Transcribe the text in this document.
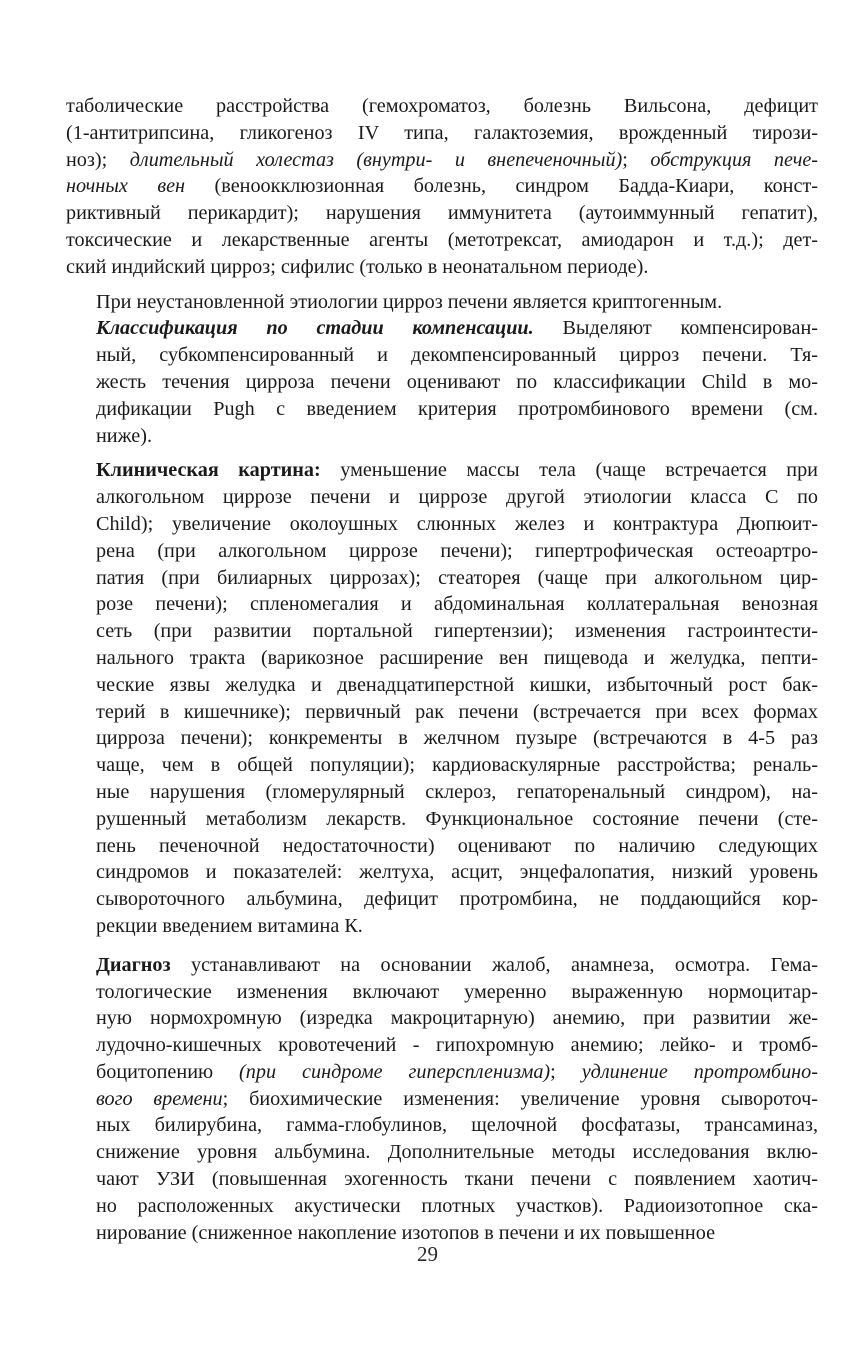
таболические расстройства (гемохроматоз, болезнь Вильсона, дефицит
(1-антитрипсина, гликогеноз IV типа, галактоземия, врожденный тирози-
ноз); длительный холестаз (внутри- и внепеченочный); обструкция пече-
ночных вен (веноокклюзионная болезнь, синдром Бадда-Киари, конст-
риктивный перикардит); нарушения иммунитета (аутоиммунный гепатит),
токсические и лекарственные агенты (метотрексат, амиодарон и т.д.); дет-
ский индийский цирроз; сифилис (только в неонатальном периоде).

При неустановленной этиологии цирроз печени является криптогенным.

Классификация по стадии компенсации. Выделяют компенсирован-
ный, субкомпенсированный и декомпенсированный цирроз печени. Тя-
жесть течения цирроза печени оценивают по классификации Child в мо-
дификации Pugh с введением критерия протромбинового времени (см.
ниже).

Клиническая картина: уменьшение массы тела (чаще встречается при
алкогольном циррозе печени и циррозе другой этиологии класса С по
Child); увеличение околоушных слюнных желез и контрактура Дюпюит-
рена (при алкогольном циррозе печени); гипертрофическая остеоартро-
патия (при билиарных циррозах); стеаторея (чаще при алкогольном цир-
розе печени); спленомегалия и абдоминальная коллатеральная венозная
сеть (при развитии портальной гипертензии); изменения гастроинтести-
нального тракта (варикозное расширение вен пищевода и желудка, пепти-
ческие язвы желудка и двенадцатиперстной кишки, избыточный рост бак-
терий в кишечнике); первичный рак печени (встречается при всех формах
цирроза печени); конкременты в желчном пузыре (встречаются в 4-5 раз
чаще, чем в общей популяции); кардиоваскулярные расстройства; реналь-
ные нарушения (гломерулярный склероз, гепаторенальный синдром), на-
рушенный метаболизм лекарств. Функциональное состояние печени (сте-
пень печеночной недостаточности) оценивают по наличию следующих
синдромов и показателей: желтуха, асцит, энцефалопатия, низкий уровень
сывороточного альбумина, дефицит протромбина, не поддающийся кор-
рекции введением витамина К.

Диагноз устанавливают на основании жалоб, анамнеза, осмотра. Гема-
тологические изменения включают умеренно выраженную нормоцитар-
ную нормохромную (изредка макроцитарную) анемию, при развитии же-
лудочно-кишечных кровотечений - гипохромную анемию; лейко- и тромб-
боцитопению (при синдроме гиперспленизма); удлинение протромбино-
вого времени; биохимические изменения: увеличение уровня сывороточ-
ных билирубина, гамма-глобулинов, щелочной фосфатазы, трансаминаз,
снижение уровня альбумина. Дополнительные методы исследования вклю-
чают УЗИ (повышенная эхогенность ткани печени с появлением хаотич-
но расположенных акустически плотных участков). Радиоизотопное ска-
нирование (сниженное накопление изотопов в печени и их повышенное

29
